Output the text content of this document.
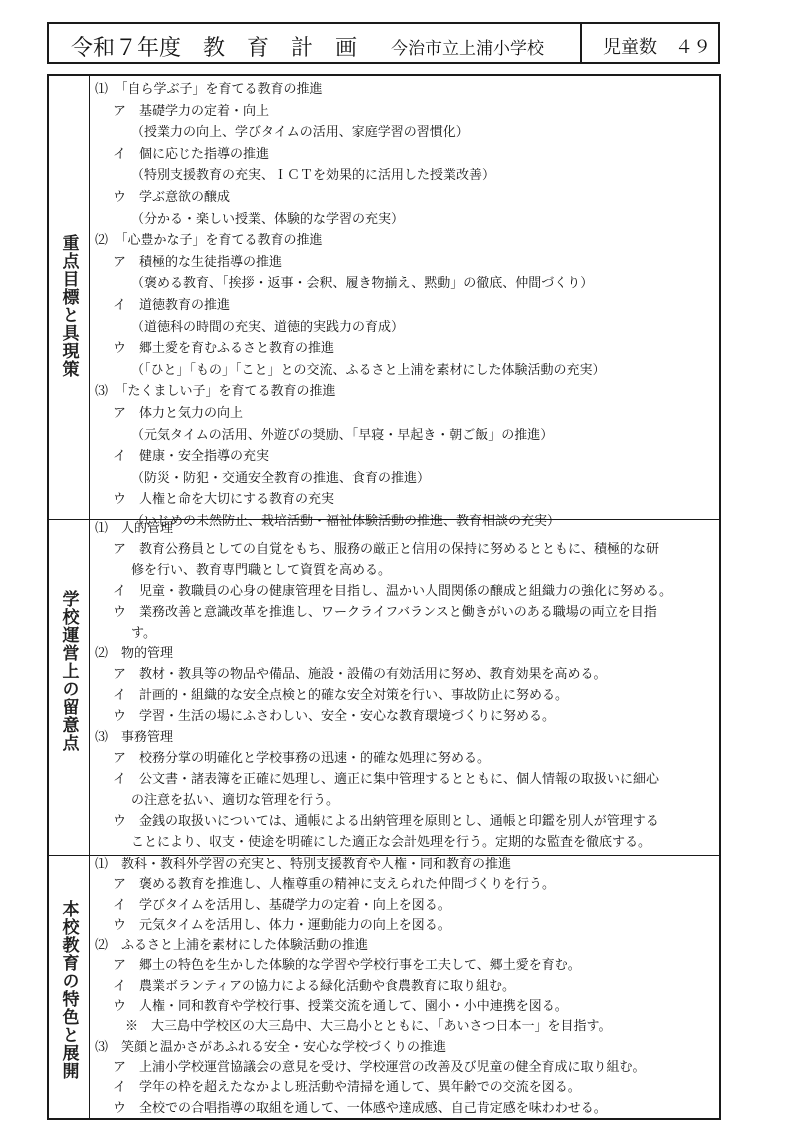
令和７年度　教　育　計　画 今治市立上浦小学校	児童数　４９
重点目標と具現策
⑴　「自ら学ぶ子」を育てる教育の推進
ア　基礎学力の定着・向上
（授業力の向上、学びタイムの活用、家庭学習の習慣化）
イ　個に応じた指導の推進
（特別支援教育の充実、ＩＣＴを効果的に活用した授業改善）
ウ　学ぶ意欲の醸成
（分かる・楽しい授業、体験的な学習の充実）
⑵　「心豊かな子」を育てる教育の推進
ア　積極的な生徒指導の推進
（褒める教育、「挨拶・返事・会釈、履き物揃え、黙動」の徹底、仲間づくり）
イ　道徳教育の推進
（道徳科の時間の充実、道徳的実践力の育成）
ウ　郷土愛を育むふるさと教育の推進
（「ひと」「もの」「こと」との交流、ふるさと上浦を素材にした体験活動の充実）
⑶　「たくましい子」を育てる教育の推進
ア　体力と気力の向上
（元気タイムの活用、外遊びの奨励、「早寝・早起き・朝ご飯」の推進）
イ　健康・安全指導の充実
（防災・防犯・交通安全教育の推進、食育の推進）
ウ　人権と命を大切にする教育の充実
（いじめの未然防止、栽培活動・福祉体験活動の推進、教育相談の充実）
学校運営上の留意点
⑴　人的管理
ア　教育公務員としての自覚をもち、服務の厳正と信用の保持に努めるとともに、積極的な研
修を行い、教育専門職として資質を高める。
イ　児童・教職員の心身の健康管理を目指し、温かい人間関係の醸成と組織力の強化に努める。
ウ　業務改善と意識改革を推進し、ワークライフバランスと働きがいのある職場の両立を目指
す。
⑵　物的管理
ア　教材・教具等の物品や備品、施設・設備の有効活用に努め、教育効果を高める。
イ　計画的・組織的な安全点検と的確な安全対策を行い、事故防止に努める。
ウ　学習・生活の場にふさわしい、安全・安心な教育環境づくりに努める。
⑶　事務管理
ア　校務分掌の明確化と学校事務の迅速・的確な処理に努める。
イ　公文書・諸表簿を正確に処理し、適正に集中管理するとともに、個人情報の取扱いに細心
の注意を払い、適切な管理を行う。
ウ　金銭の取扱いについては、通帳による出納管理を原則とし、通帳と印鑑を別人が管理する
ことにより、収支・使途を明確にした適正な会計処理を行う。定期的な監査を徹底する。
本校教育の特色と展開
⑴　教科・教科外学習の充実と、特別支援教育や人権・同和教育の推進
ア　褒める教育を推進し、人権尊重の精神に支えられた仲間づくりを行う。
イ　学びタイムを活用し、基礎学力の定着・向上を図る。
ウ　元気タイムを活用し、体力・運動能力の向上を図る。
⑵　ふるさと上浦を素材にした体験活動の推進
ア　郷土の特色を生かした体験的な学習や学校行事を工夫して、郷土愛を育む。
イ　農業ボランティアの協力による緑化活動や食農教育に取り組む。
ウ　人権・同和教育や学校行事、授業交流を通して、園小・小中連携を図る。
※　大三島中学校区の大三島中、大三島小とともに、「あいさつ日本一」を目指す。
⑶　笑顔と温かさがあふれる安全・安心な学校づくりの推進
ア　上浦小学校運営協議会の意見を受け、学校運営の改善及び児童の健全育成に取り組む。
イ　学年の枠を超えたなかよし班活動や清掃を通して、異年齢での交流を図る。
ウ　全校での合唱指導の取組を通して、一体感や達成感、自己肯定感を味わわせる。
